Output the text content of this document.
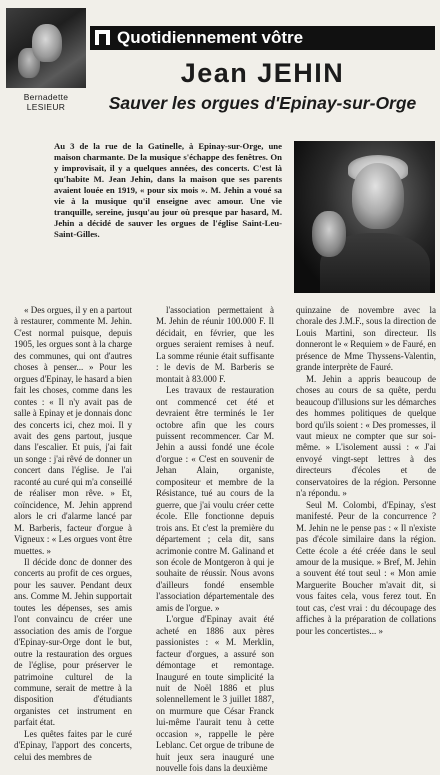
Bernadette
LESIEUR
Quotidiennement vôtre
Jean JEHIN
Sauver les orgues d'Epinay-sur-Orge
Au 3 de la rue de la Gatinelle, à Epinay-sur-Orge, une maison charmante. De la musique s'échappe des fenêtres. On y improvisait, il y a quelques années, des concerts. C'est là qu'habite M. Jean Jehin, dans la maison que ses parents avaient louée en 1919, « pour six mois ». M. Jehin a voué sa vie à la musique qu'il enseigne avec amour. Une vie tranquille, sereine, jusqu'au jour où presque par hasard, M. Jehin a décidé de sauver les orgues de l'église Saint-Leu-Saint-Gilles.

« Des orgues, il y en a partout à restaurer, commente M. Jehin. C'est normal puisque, depuis 1905, les orgues sont à la charge des communes, qui ont d'autres choses à penser... » Pour les orgues d'Epinay, le hasard a bien fait les choses, comme dans les contes : « Il n'y avait pas de salle à Epinay et je donnais donc des concerts ici, chez moi. Il y avait des gens partout, jusque dans l'escalier. Et puis, j'ai fait un songe : j'ai rêvé de donner un concert dans l'église. Je l'ai raconté au curé qui m'a conseillé de réaliser mon rêve. » Et, coïncidence, M. Jehin apprend alors le cri d'alarme lancé par M. Barberis, facteur d'orgue à Vigneux : « Les orgues vont être muettes. »

Il décide donc de donner des concerts au profit de ces orgues, pour les sauver. Pendant deux ans. Comme M. Jehin supportait toutes les dépenses, ses amis l'ont convaincu de créer une association des amis de l'orgue d'Epinay-sur-Orge dont le but, outre la restauration des orgues de l'église, pour préserver le patrimoine culturel de la commune, serait de mettre à la disposition d'étudiants organistes cet instrument en parfait état.

Les quêtes faites par le curé d'Epinay, l'apport des concerts, celui des membres de

l'association permettaient à M. Jehin de réunir 100.000 F. Il décidait, en février, que les orgues seraient remises à neuf. La somme réunie était suffisante : le devis de M. Barberis se montait à 83.000 F.

Les travaux de restauration ont commencé cet été et devraient être terminés le 1er octobre afin que les cours puissent recommencer. Car M. Jehin a aussi fondé une école d'orgue : « C'est en souvenir de Jehan Alain, organiste, compositeur et membre de la Résistance, tué au cours de la guerre, que j'ai voulu créer cette école. Elle fonctionne depuis trois ans. Et c'est la première du département ; cela dit, sans acrimonie contre M. Galinand et son école de Montgeron à qui je souhaite de réussir. Nous avons d'ailleurs fondé ensemble l'association départementale des amis de l'orgue. »

L'orgue d'Epinay avait été acheté en 1886 aux pères passionistes : « M. Merklin, facteur d'orgues, a assuré son démontage et remontage. Inauguré en toute simplicité la nuit de Noël 1886 et plus solennellement le 3 juillet 1887, on murmure que César Franck lui-même l'aurait tenu à cette occasion », rappelle le père Leblanc. Cet orgue de tribune de huit jeux sera inauguré une nouvelle fois dans la deuxième

quinzaine de novembre avec la chorale des J.M.F., sous la direction de Louis Martini, son directeur. Ils donneront le « Requiem » de Fauré, en présence de Mme Thyssens-Valentin, grande interprète de Fauré.

M. Jehin a appris beaucoup de choses au cours de sa quête, perdu beaucoup d'illusions sur les démarches des hommes politiques de quelque bord qu'ils soient : « Des promesses, il vaut mieux ne compter que sur soi-même. » L'isolement aussi : « J'ai envoyé vingt-sept lettres à des directeurs d'écoles et de conservatoires de la région. Personne n'a répondu. »

Seul M. Colombi, d'Epinay, s'est manifesté. Peur de la concurrence ? M. Jehin ne le pense pas : « Il n'existe pas d'école similaire dans la région. Cette école a été créée dans le seul amour de la musique. » Bref, M. Jehin a souvent été tout seul : « Mon amie Marguerite Boucher m'avait dit, si vous faites cela, vous ferez tout. En tout cas, c'est vrai : du découpage des affiches à la préparation de collations pour les concertistes... »
